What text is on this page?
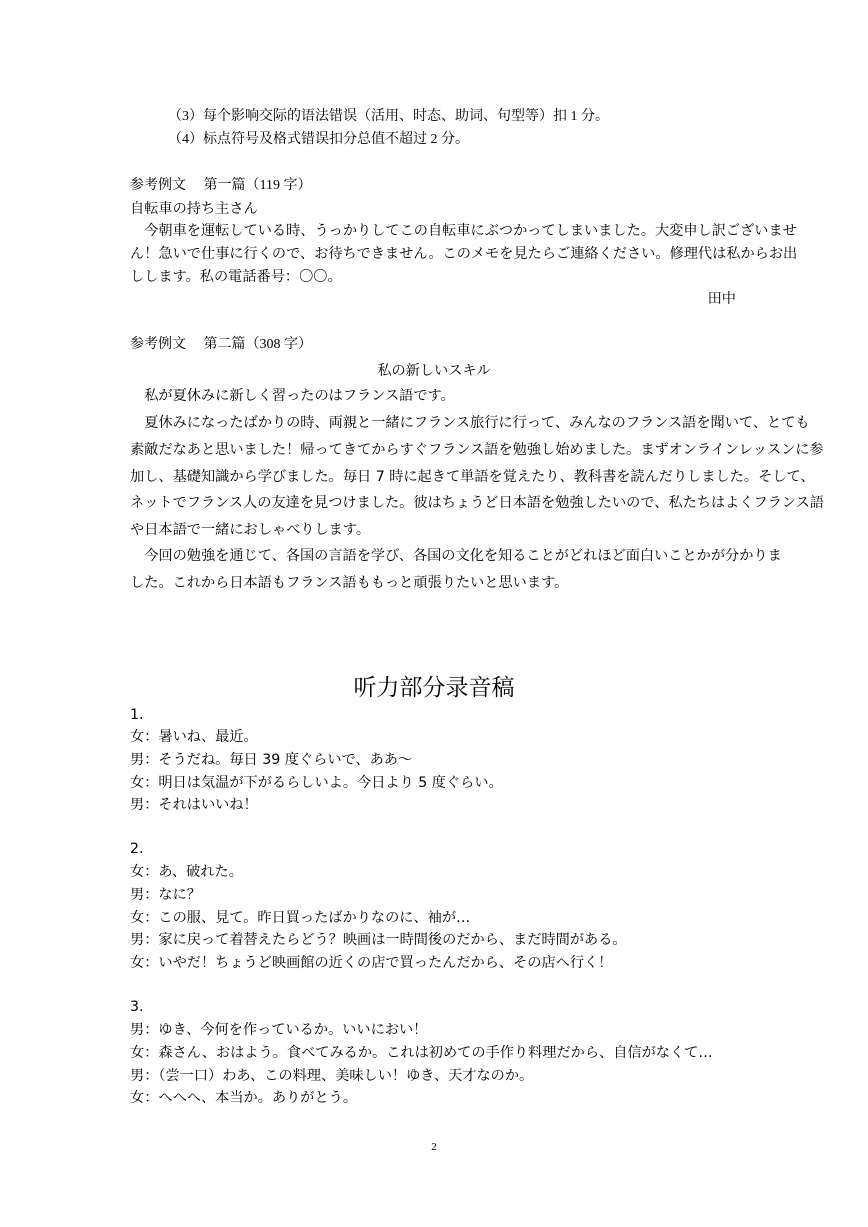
（3）每个影响交际的语法错误（活用、时态、助词、句型等）扣 1 分。
（4）标点符号及格式错误扣分总值不超过 2 分。
参考例文　 第一篇（119 字）
自転車の持ち主さん
　今朝車を運転している時、うっかりしてこの自転車にぶつかってしまいました。大変申し訳ございませ
ん！急いで仕事に行くので、お待ちできません。このメモを見たらご連絡ください。修理代は私からお出
しします。私の電話番号：〇〇。
田中
参考例文　 第二篇（308 字）
私の新しいスキル
　私が夏休みに新しく習ったのはフランス語です。
　夏休みになったばかりの時、両親と一緒にフランス旅行に行って、みんなのフランス語を聞いて、とても
素敵だなあと思いました！帰ってきてからすぐフランス語を勉強し始めました。まずオンラインレッスンに参
加し、基礎知識から学びました。毎日 7 時に起きて単語を覚えたり、教科書を読んだりしました。そして、
ネットでフランス人の友達を見つけました。彼はちょうど日本語を勉強したいので、私たちはよくフランス語
や日本語で一緒におしゃべりします。
　今回の勉強を通じて、各国の言語を学び、各国の文化を知ることがどれほど面白いことかが分かりま
した。これから日本語もフランス語ももっと頑張りたいと思います。
听力部分录音稿
1.
女：暑いね、最近。
男：そうだね。毎日 39 度ぐらいで、ああ～
女：明日は気温が下がるらしいよ。今日より 5 度ぐらい。
男：それはいいね！
2.
女：あ、破れた。
男：なに？
女：この服、見て。昨日買ったばかりなのに、袖が…
男：家に戻って着替えたらどう？映画は一時間後のだから、まだ時間がある。
女：いやだ！ちょうど映画館の近くの店で買ったんだから、その店へ行く！
3.
男：ゆき、今何を作っているか。いいにおい！
女：森さん、おはよう。食べてみるか。これは初めての手作り料理だから、自信がなくて…
男：（尝一口）わあ、この料理、美味しい！ゆき、天才なのか。
女：へへへ、本当か。ありがとう。
2
